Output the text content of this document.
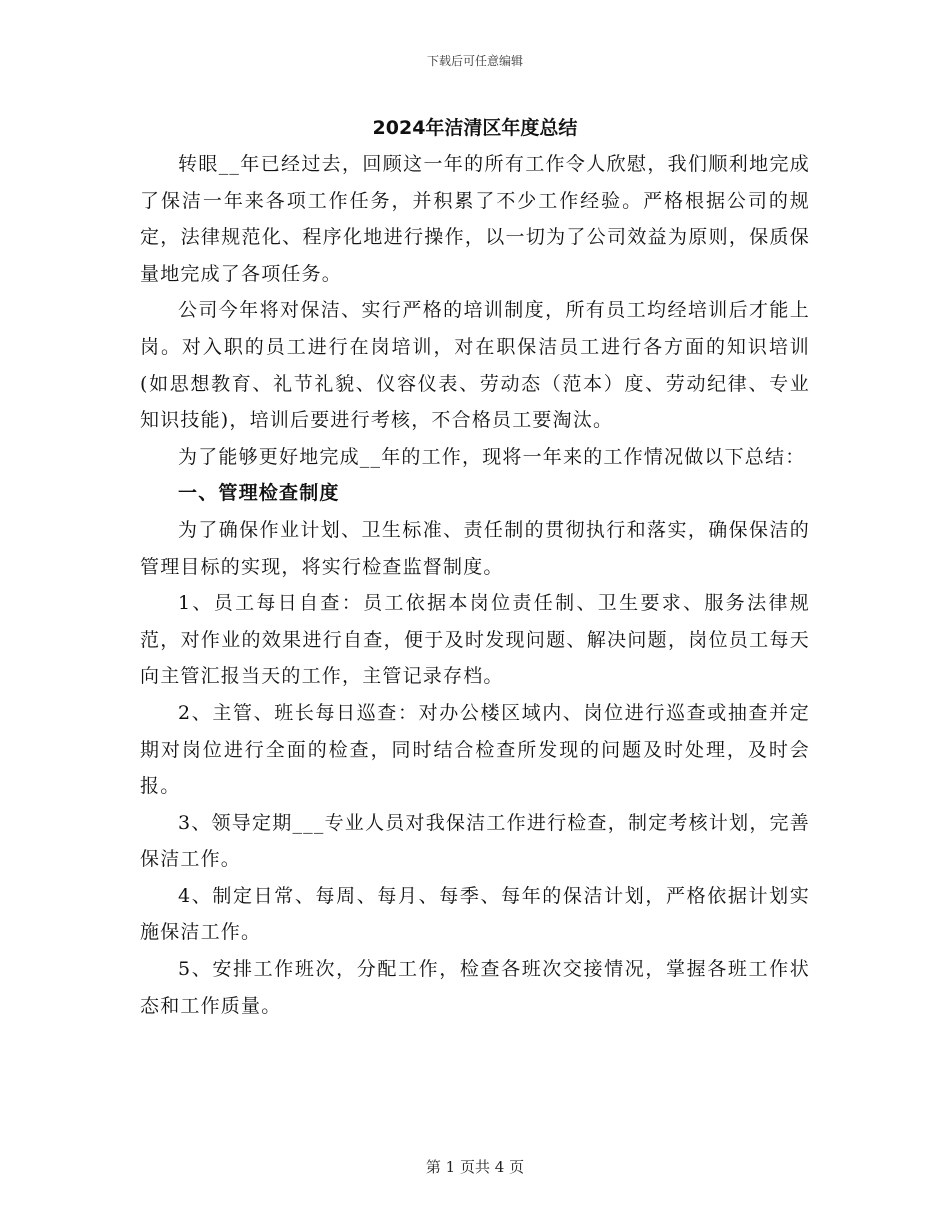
下载后可任意编辑
2024年洁清区年度总结

转眼__年已经过去，回顾这一年的所有工作令人欣慰，我们顺利地完成了保洁一年来各项工作任务，并积累了不少工作经验。严格根据公司的规定，法律规范化、程序化地进行操作，以一切为了公司效益为原则，保质保量地完成了各项任务。

公司今年将对保洁、实行严格的培训制度，所有员工均经培训后才能上岗。对入职的员工进行在岗培训，对在职保洁员工进行各方面的知识培训(如思想教育、礼节礼貌、仪容仪表、劳动态（范本）度、劳动纪律、专业知识技能)，培训后要进行考核，不合格员工要淘汰。

为了能够更好地完成__年的工作，现将一年来的工作情况做以下总结：

一、管理检查制度

为了确保作业计划、卫生标准、责任制的贯彻执行和落实，确保保洁的管理目标的实现，将实行检查监督制度。

1、员工每日自查：员工依据本岗位责任制、卫生要求、服务法律规范，对作业的效果进行自查，便于及时发现问题、解决问题，岗位员工每天向主管汇报当天的工作，主管记录存档。

2、主管、班长每日巡查：对办公楼区域内、岗位进行巡查或抽查并定期对岗位进行全面的检查，同时结合检查所发现的问题及时处理，及时会报。

3、领导定期___专业人员对我保洁工作进行检查，制定考核计划，完善保洁工作。

4、制定日常、每周、每月、每季、每年的保洁计划，严格依据计划实施保洁工作。

5、安排工作班次，分配工作，检查各班次交接情况，掌握各班工作状态和工作质量。

第 1 页共 4 页
